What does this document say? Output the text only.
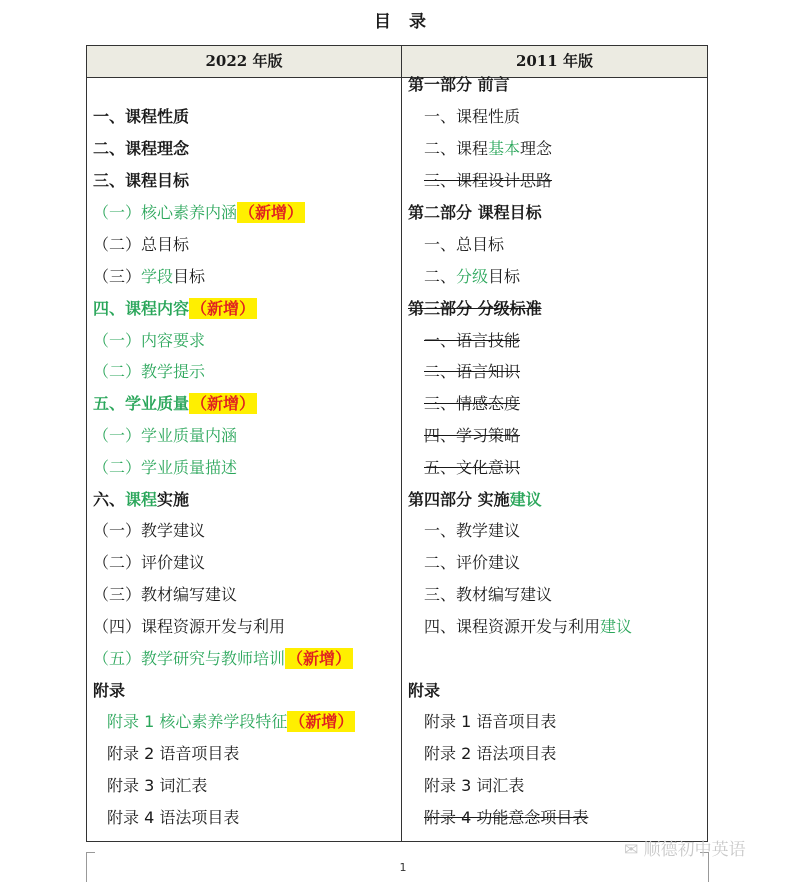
目 录
2022 年版	2011 年版
一、课程性质
二、课程理念
三、课程目标
（一）核心素养内涵 （新增）
（二）总目标
（三）学段目标
四、课程内容 （新增）
（一）内容要求
（二）教学提示
五、学业质量 （新增）
（一）学业质量内涵
（二）学业质量描述
六、课程实施
（一）教学建议
（二）评价建议
（三）教材编写建议
（四）课程资源开发与利用
（五）教学研究与教师培训 （新增）
附录
附录 1 核心素养学段特征 （新增）
附录 2 语音项目表
附录 3 词汇表
附录 4 语法项目表
第一部分 前言
一、课程性质
二、课程基本理念
三、课程设计思路
第二部分 课程目标
一、总目标
二、分级目标
第三部分 分级标准
一、语言技能
二、语言知识
三、情感态度
四、学习策略
五、文化意识
第四部分 实施建议
一、教学建议
二、评价建议
三、教材编写建议
四、课程资源开发与利用建议
附录
附录 1 语音项目表
附录 2 语法项目表
附录 3 词汇表
附录 4 功能意念项目表
1
✉ 顺德初中英语
